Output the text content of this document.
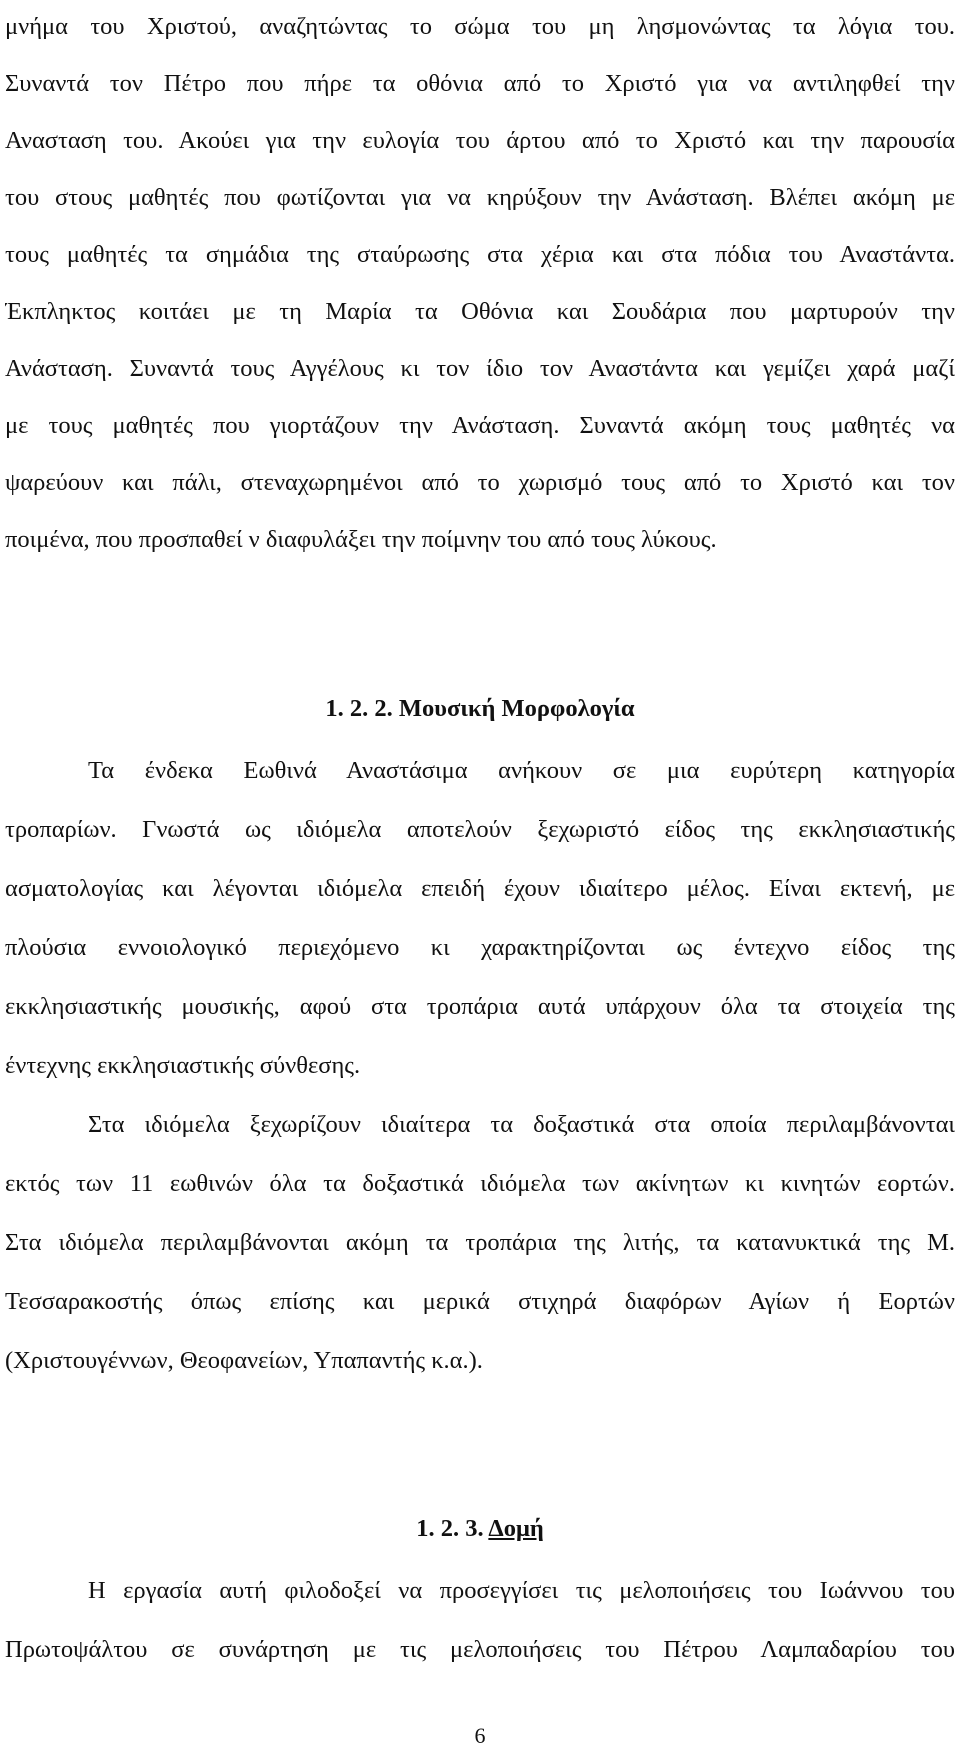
μνήμα του Χριστού, αναζητώντας το σώμα του μη λησμονώντας τα λόγια του.
Συναντά τον Πέτρο που πήρε τα οθόνια από το Χριστό για να αντιληφθεί την
Ανασταση του. Ακούει για την ευλογία του άρτου από το Χριστό και την παρουσία
του στους μαθητές που φωτίζονται για να κηρύξουν την Ανάσταση. Βλέπει ακόμη με
τους μαθητές τα σημάδια της σταύρωσης στα χέρια και στα πόδια του Αναστάντα.
Έκπληκτος κοιτάει με τη Μαρία τα Οθόνια και Σουδάρια που μαρτυρούν την
Ανάσταση. Συναντά τους Αγγέλους κι τον ίδιο τον Αναστάντα και γεμίζει χαρά μαζί
με τους μαθητές που γιορτάζουν την Ανάσταση. Συναντά ακόμη τους μαθητές να
ψαρεύουν και πάλι, στεναχωρημένοι από το χωρισμό τους από το Χριστό και τον
ποιμένα, που προσπαθεί ν διαφυλάξει την ποίμνην του από τους λύκους.
1. 2. 2. Μουσική Μορφολογία
Τα ένδεκα Εωθινά Αναστάσιμα ανήκουν σε μια ευρύτερη κατηγορία
τροπαρίων. Γνωστά ως ιδιόμελα αποτελούν ξεχωριστό είδος της εκκλησιαστικής
ασματολογίας και λέγονται ιδιόμελα επειδή έχουν ιδιαίτερο μέλος. Είναι εκτενή, με
πλούσια εννοιολογικό περιεχόμενο κι χαρακτηρίζονται ως έντεχνο είδος της
εκκλησιαστικής μουσικής, αφού στα τροπάρια αυτά υπάρχουν όλα τα στοιχεία της
έντεχνης εκκλησιαστικής σύνθεσης.
Στα ιδιόμελα ξεχωρίζουν ιδιαίτερα τα δοξαστικά στα οποία περιλαμβάνονται
εκτός των 11 εωθινών όλα τα δοξαστικά ιδιόμελα των ακίνητων κι κινητών εορτών.
Στα ιδιόμελα περιλαμβάνονται ακόμη τα τροπάρια της λιτής, τα κατανυκτικά της Μ.
Τεσσαρακοστής όπως επίσης και μερικά στιχηρά διαφόρων Αγίων ή Εορτών
(Χριστουγέννων, Θεοφανείων, Υπαπαντής κ.α.).
1. 2. 3. Δομή
Η εργασία αυτή φιλοδοξεί να προσεγγίσει τις μελοποιήσεις του Ιωάννου του
Πρωτοψάλτου σε συνάρτηση με τις μελοποιήσεις του Πέτρου Λαμπαδαρίου του
6
